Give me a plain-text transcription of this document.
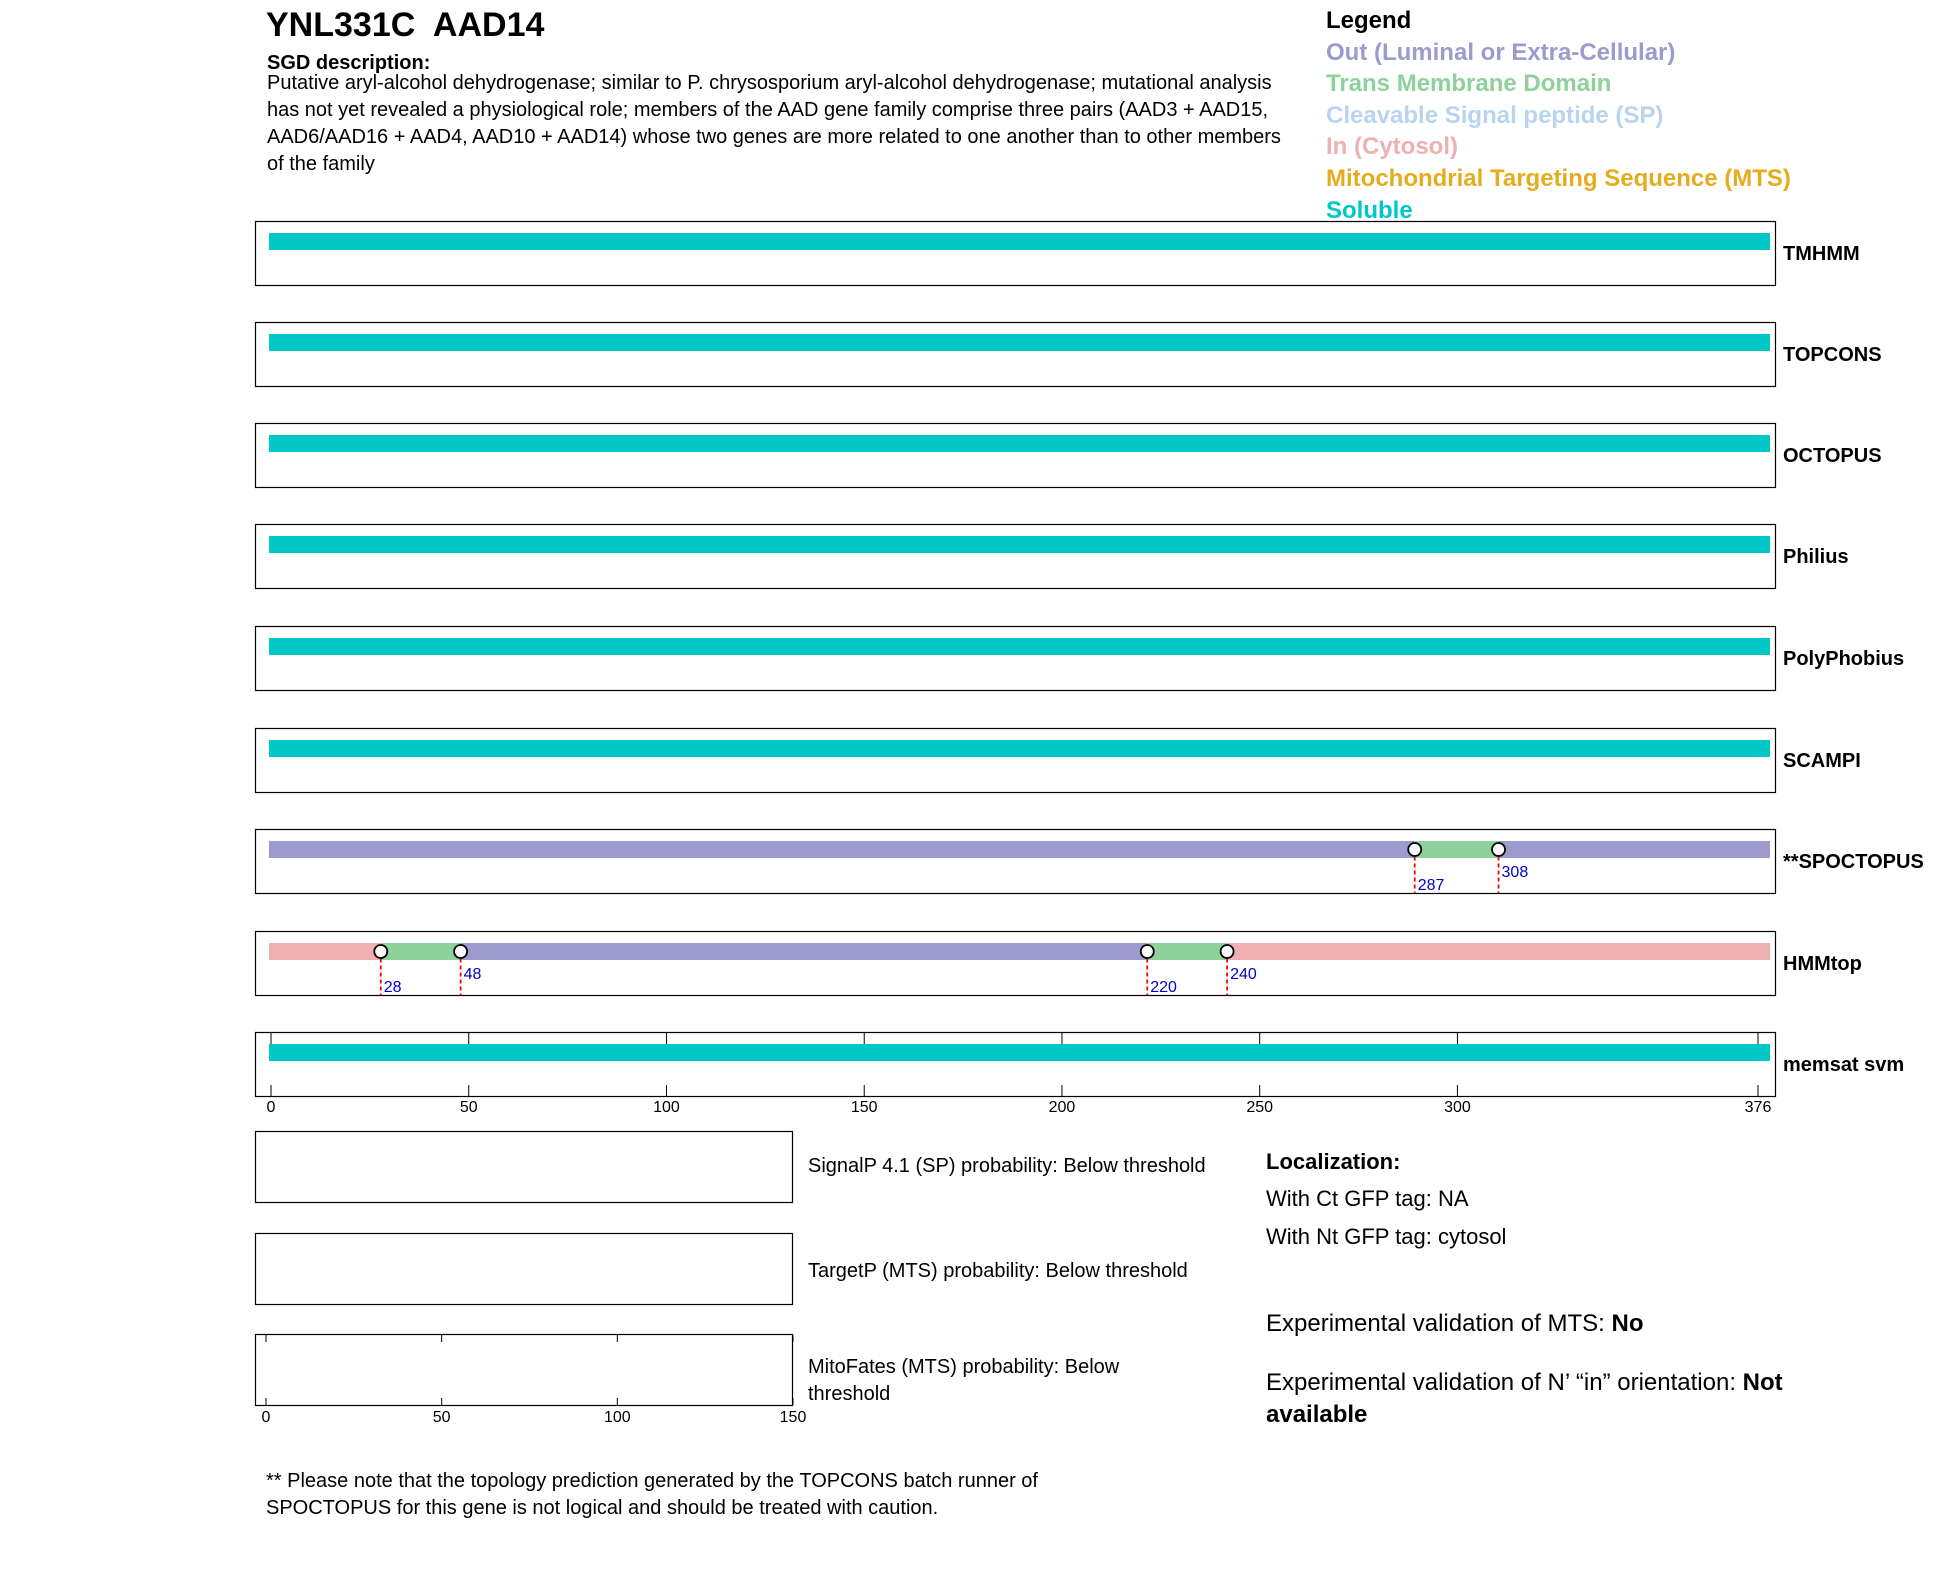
YNL331C  AAD14
SGD description:
Putative aryl-alcohol dehydrogenase; similar to P. chrysosporium aryl-alcohol dehydrogenase; mutational analysis has not yet revealed a physiological role; members of the AAD gene family comprise three pairs (AAD3 + AAD15, AAD6/AAD16 + AAD4, AAD10 + AAD14) whose two genes are more related to one another than to other members of the family
Legend
Out (Luminal or Extra-Cellular)
Trans Membrane Domain
Cleavable Signal peptide (SP)
In (Cytosol)
Mitochondrial Targeting Sequence (MTS)
Soluble
287
308
28
48
220
240
TMHMM
TOPCONS
OCTOPUS
Philius
PolyPhobius
SCAMPI
**SPOCTOPUS
HMMtop
memsat svm
0	50	100	150	200	250	300	376
0	50	100	150
SignalP 4.1 (SP) probability: Below threshold
TargetP (MTS) probability: Below threshold
MitoFates (MTS) probability: Below threshold
Localization:
With Ct GFP tag: NA
With Nt GFP tag: cytosol
Experimental validation of MTS: No
Experimental validation of N’ “in” orientation: Not available
** Please note that the topology prediction generated by the TOPCONS batch runner of SPOCTOPUS for this gene is not logical and should be treated with caution.
